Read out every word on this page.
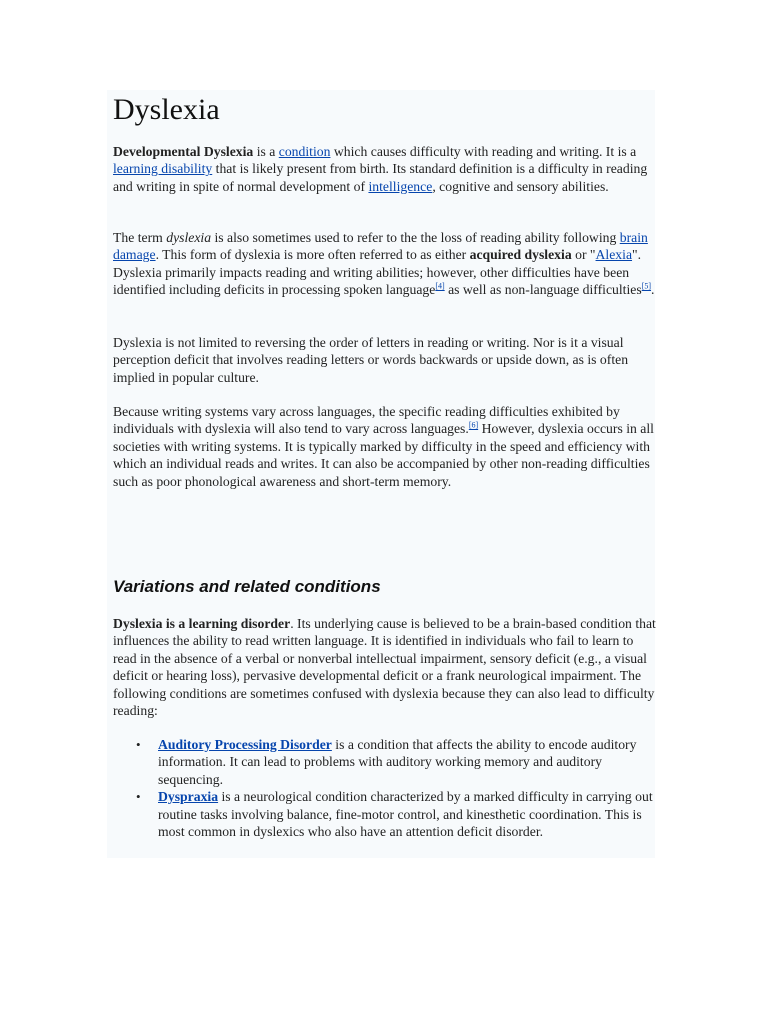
Dyslexia

Developmental Dyslexia is a condition which causes difficulty with reading and writing. It is a learning disability that is likely present from birth. Its standard definition is a difficulty in reading and writing in spite of normal development of intelligence, cognitive and sensory abilities.

The term dyslexia is also sometimes used to refer to the the loss of reading ability following brain damage. This form of dyslexia is more often referred to as either acquired dyslexia or "Alexia". Dyslexia primarily impacts reading and writing abilities; however, other difficulties have been identified including deficits in processing spoken language[4] as well as non-language difficulties[5].

Dyslexia is not limited to reversing the order of letters in reading or writing. Nor is it a visual perception deficit that involves reading letters or words backwards or upside down, as is often implied in popular culture.

Because writing systems vary across languages, the specific reading difficulties exhibited by individuals with dyslexia will also tend to vary across languages.[6] However, dyslexia occurs in all societies with writing systems. It is typically marked by difficulty in the speed and efficiency with which an individual reads and writes. It can also be accompanied by other non-reading difficulties such as poor phonological awareness and short-term memory.

Variations and related conditions

Dyslexia is a learning disorder. Its underlying cause is believed to be a brain-based condition that influences the ability to read written language. It is identified in individuals who fail to learn to read in the absence of a verbal or nonverbal intellectual impairment, sensory deficit (e.g., a visual deficit or hearing loss), pervasive developmental deficit or a frank neurological impairment. The following conditions are sometimes confused with dyslexia because they can also lead to difficulty reading:

• Auditory Processing Disorder is a condition that affects the ability to encode auditory information. It can lead to problems with auditory working memory and auditory sequencing.
• Dyspraxia is a neurological condition characterized by a marked difficulty in carrying out routine tasks involving balance, fine-motor control, and kinesthetic coordination. This is most common in dyslexics who also have an attention deficit disorder.
